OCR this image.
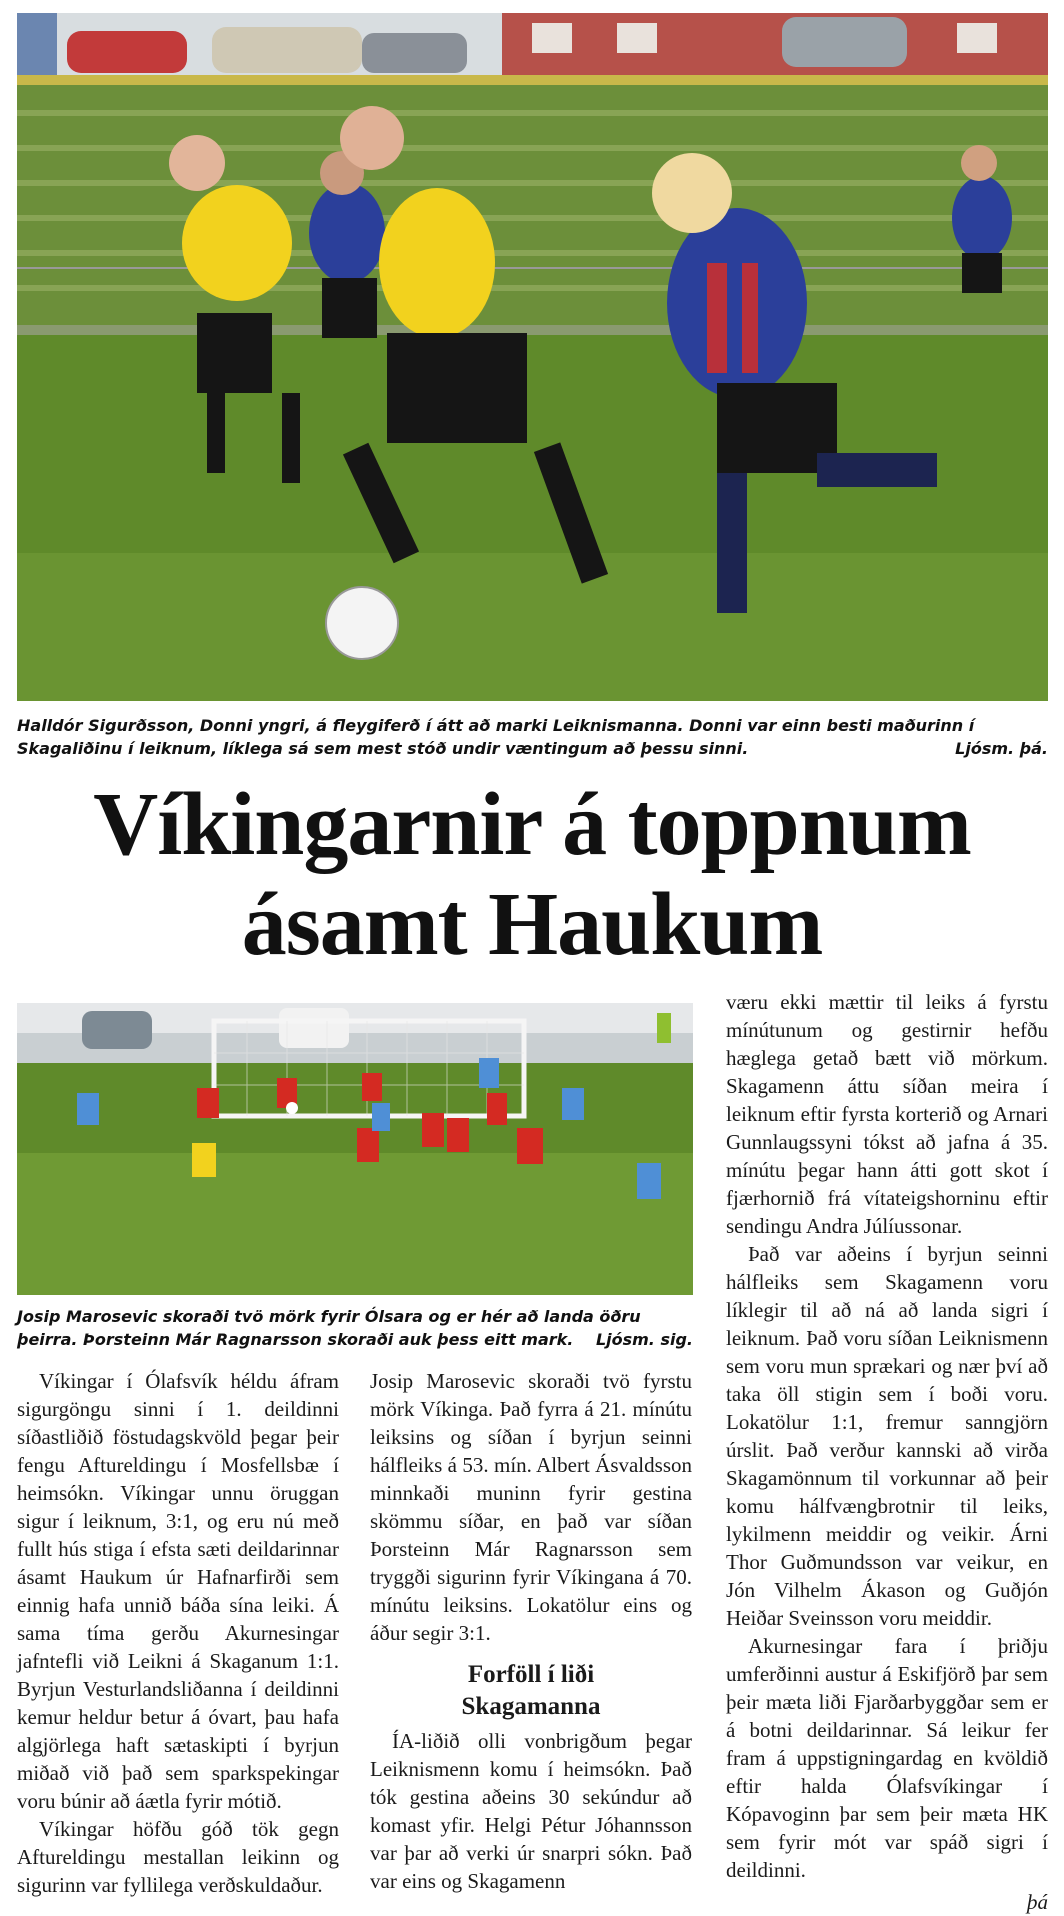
Halldór Sigurðsson, Donni yngri, á fleygiferð í átt að marki Leiknismanna. Donni var einn besti maðurinn í Skagaliðinu í leiknum, líklega sá sem mest stóð undir væntingum að þessu sinni.	Ljósm. þá.
Víkingarnir á toppnum
ásamt Haukum
Josip Marosevic skoraði tvö mörk fyrir Ólsara og er hér að landa öðru þeirra. Þorsteinn Már Ragnarsson skoraði auk þess eitt mark. Ljósm. sig.

Víkingar í Ólafsvík héldu áfram sigurgöngu sinni í 1. deildinni síðastliðið föstudagskvöld þegar þeir fengu Aftureldingu í Mosfellsbæ í heimsókn. Víkingar unnu öruggan sigur í leiknum, 3:1, og eru nú með fullt hús stiga í efsta sæti deildarinnar ásamt Haukum úr Hafnarfirði sem einnig hafa unnið báða sína leiki. Á sama tíma gerðu Akurnesingar jafntefli við Leikni á Skaganum 1:1. Byrjun Vesturlandsliðanna í deildinni kemur heldur betur á óvart, þau hafa algjörlega haft sætaskipti í byrjun miðað við það sem sparkspekingar voru búnir að áætla fyrir mótið.

Víkingar höfðu góð tök gegn Aftureldingu mestallan leikinn og sigurinn var fyllilega verðskuldaður.

Josip Marosevic skoraði tvö fyrstu mörk Víkinga. Það fyrra á 21. mínútu leiksins og síðan í byrjun seinni hálfleiks á 53. mín. Albert Ásvaldsson minnkaði muninn fyrir gestina skömmu síðar, en það var síðan Þorsteinn Már Ragnarsson sem tryggði sigurinn fyrir Víkingana á 70. mínútu leiksins. Lokatölur eins og áður segir 3:1.

Forföll í liði
Skagamanna

ÍA-liðið olli vonbrigðum þegar Leiknismenn komu í heimsókn. Það tók gestina aðeins 30 sekúndur að komast yfir. Helgi Pétur Jóhannsson var þar að verki úr snarpri sókn. Það var eins og Skagamenn

væru ekki mættir til leiks á fyrstu mínútunum og gestirnir hefðu hæglega getað bætt við mörkum. Skagamenn áttu síðan meira í leiknum eftir fyrsta korterið og Arnari Gunnlaugssyni tókst að jafna á 35. mínútu þegar hann átti gott skot í fjærhornið frá vítateigshorninu eftir sendingu Andra Júlíussonar.

Það var aðeins í byrjun seinni hálfleiks sem Skagamenn voru líklegir til að ná að landa sigri í leiknum. Það voru síðan Leiknismenn sem voru mun sprækari og nær því að taka öll stigin sem í boði voru. Lokatölur 1:1, fremur sanngjörn úrslit. Það verður kannski að virða Skagamönnum til vorkunnar að þeir komu hálfvængbrotnir til leiks, lykilmenn meiddir og veikir. Árni Thor Guðmundsson var veikur, en Jón Vilhelm Ákason og Guðjón Heiðar Sveinsson voru meiddir.

Akurnesingar fara í þriðju umferðinni austur á Eskifjörð þar sem þeir mæta liði Fjarðarbyggðar sem er á botni deildarinnar. Sá leikur fer fram á uppstigningardag en kvöldið eftir halda Ólafsvíkingar í Kópavoginn þar sem þeir mæta HK sem fyrir mót var spáð sigri í deildinni.

þá
